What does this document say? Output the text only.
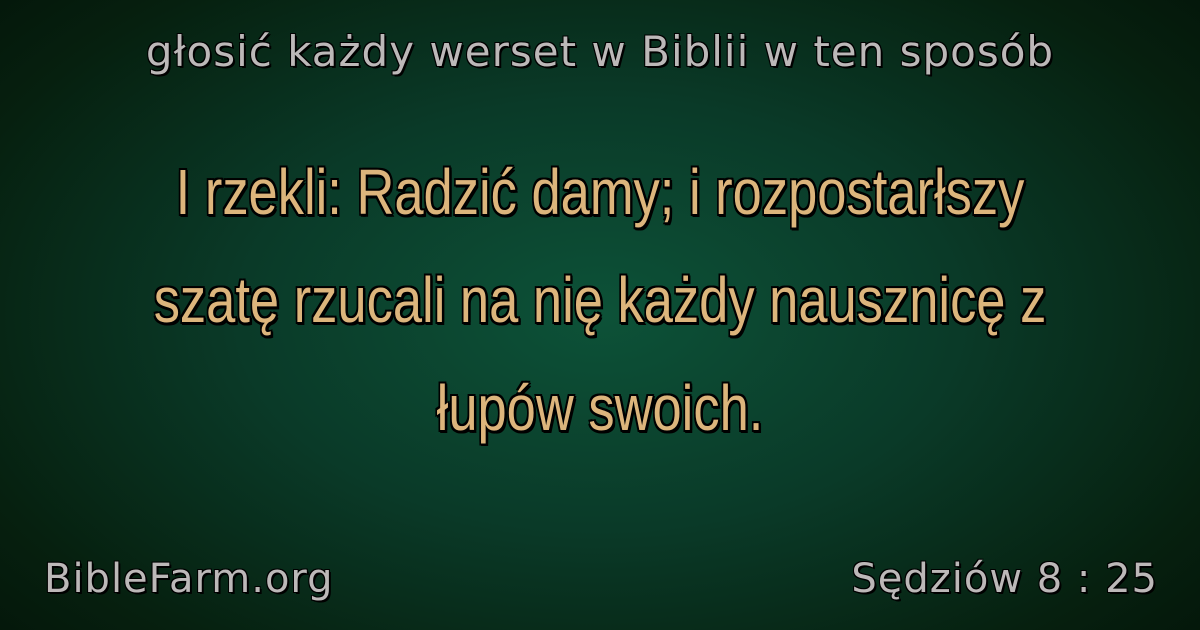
głosić każdy werset w Biblii w ten sposób
I rzekli: Radzić damy; i rozpostarłszy szatę rzucali na nię każdy nausznicę z łupów swoich.
BibleFarm.org	Sędziów 8 : 25
